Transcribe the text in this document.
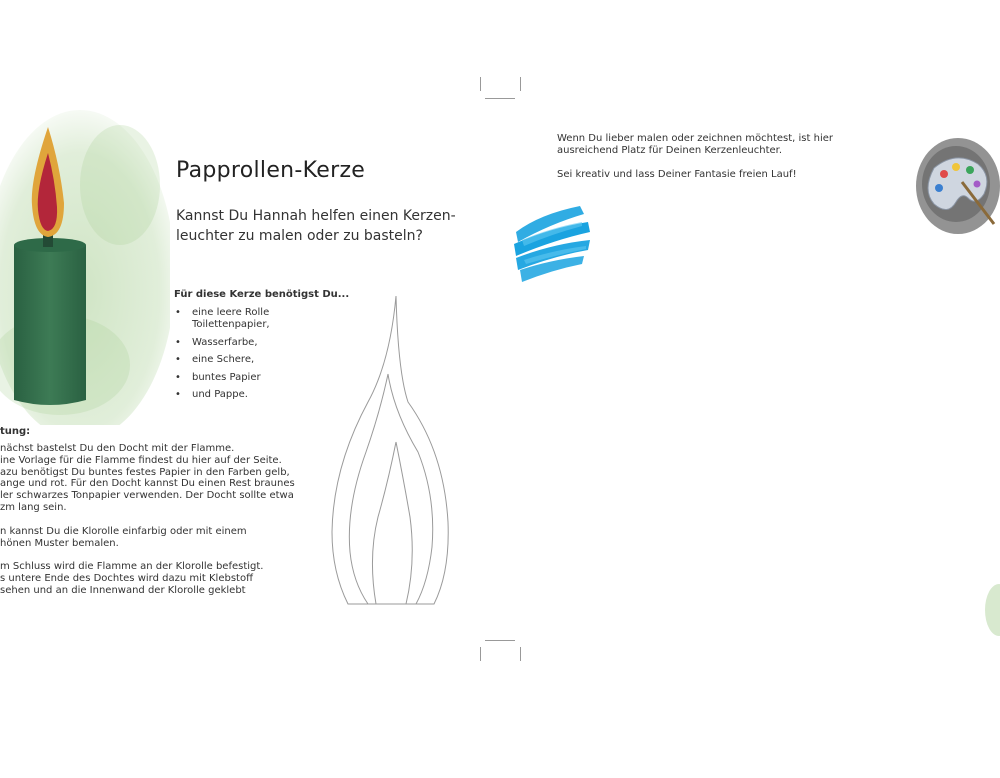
Papprollen-Kerze
Kannst Du Hannah helfen einen Kerzen-
leuchter zu malen oder zu basteln?
Für diese Kerze benötigst Du...
• eine leere Rolle
Toilettenpapier,
• Wasserfarbe,
• eine Schere,
• buntes Papier
• und Pappe.
tung:

nächst bastelst Du den Docht mit der Flamme.
ine Vorlage für die Flamme findest du hier auf der Seite.
azu benötigst Du buntes festes Papier in den Farben gelb,
ange und rot. Für den Docht kannst Du einen Rest braunes
ler schwarzes Tonpapier verwenden. Der Docht sollte etwa
zm lang sein.

n kannst Du die Klorolle einfarbig oder mit einem
hönen Muster bemalen.

m Schluss wird die Flamme an der Klorolle befestigt.
s untere Ende des Dochtes wird dazu mit Klebstoff
sehen und an die Innenwand der Klorolle geklebt

Wenn Du lieber malen oder zeichnen möchtest, ist hier
ausreichend Platz für Deinen Kerzenleuchter.

Sei kreativ und lass Deiner Fantasie freien Lauf!
